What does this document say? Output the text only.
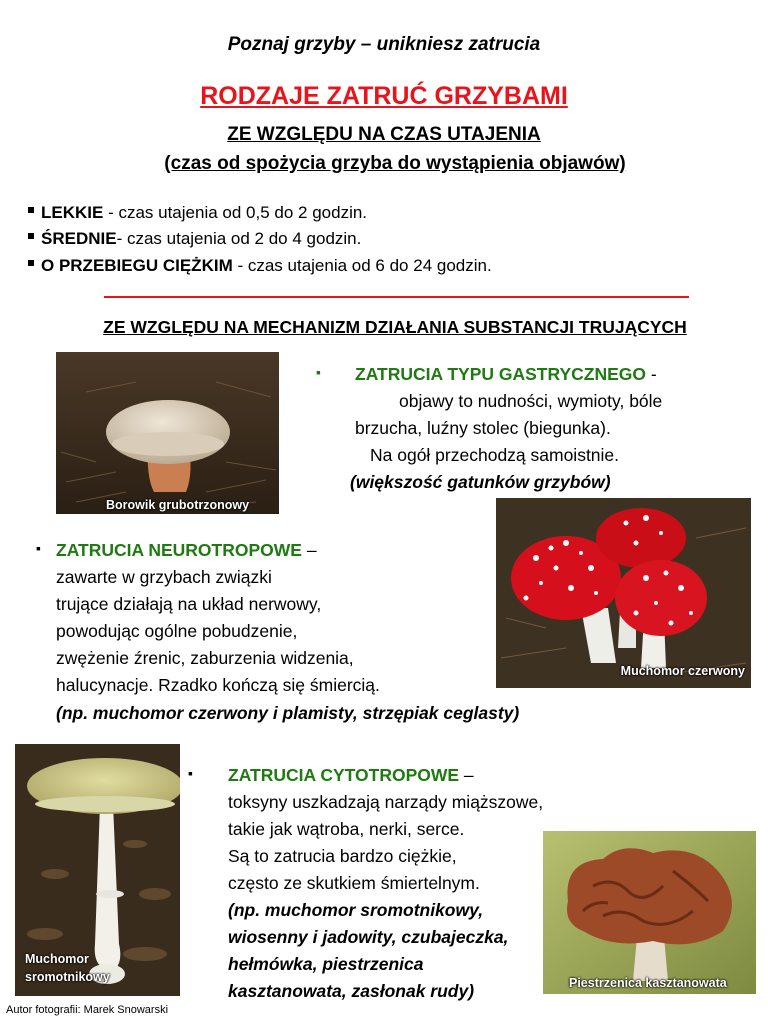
Poznaj grzyby – unikniesz zatrucia
RODZAJE ZATRUĆ GRZYBAMI
ZE WZGLĘDU NA CZAS UTAJENIA
(czas od spożycia grzyba do wystąpienia objawów)
LEKKIE - czas utajenia od 0,5 do 2 godzin.
ŚREDNIE- czas utajenia od 2 do 4 godzin.
O PRZEBIEGU CIĘŻKIM - czas utajenia od 6 do 24 godzin.
ZE WZGLĘDU NA MECHANIZM DZIAŁANIA SUBSTANCJI TRUJĄCYCH
Borowik grubotrzonowy
▪ ZATRUCIA TYPU GASTRYCZNEGO -
objawy to nudności, wymioty, bóle
brzucha, luźny stolec (biegunka).
Na ogół przechodzą samoistnie.
(większość gatunków grzybów)
Muchomor czerwony
▪ ZATRUCIA NEUROTROPOWE –
zawarte w grzybach związki
trujące działają na układ nerwowy,
powodując ogólne pobudzenie,
zwężenie źrenic, zaburzenia widzenia,
halucynacje. Rzadko kończą się śmiercią.
(np. muchomor czerwony i plamisty, strzępiak ceglasty)
Muchomor
sromotnikowy
▪ ZATRUCIA CYTOTROPOWE –
toksyny uszkadzają narządy miąższowe,
takie jak wątroba, nerki, serce.
Są to zatrucia bardzo ciężkie,
często ze skutkiem śmiertelnym.
(np. muchomor sromotnikowy,
wiosenny i jadowity, czubajeczka,
hełmówka, piestrzenica
kasztanowata, zasłonak rudy)	Piestrzenica kasztanowata
Autor fotografii: Marek Snowarski
